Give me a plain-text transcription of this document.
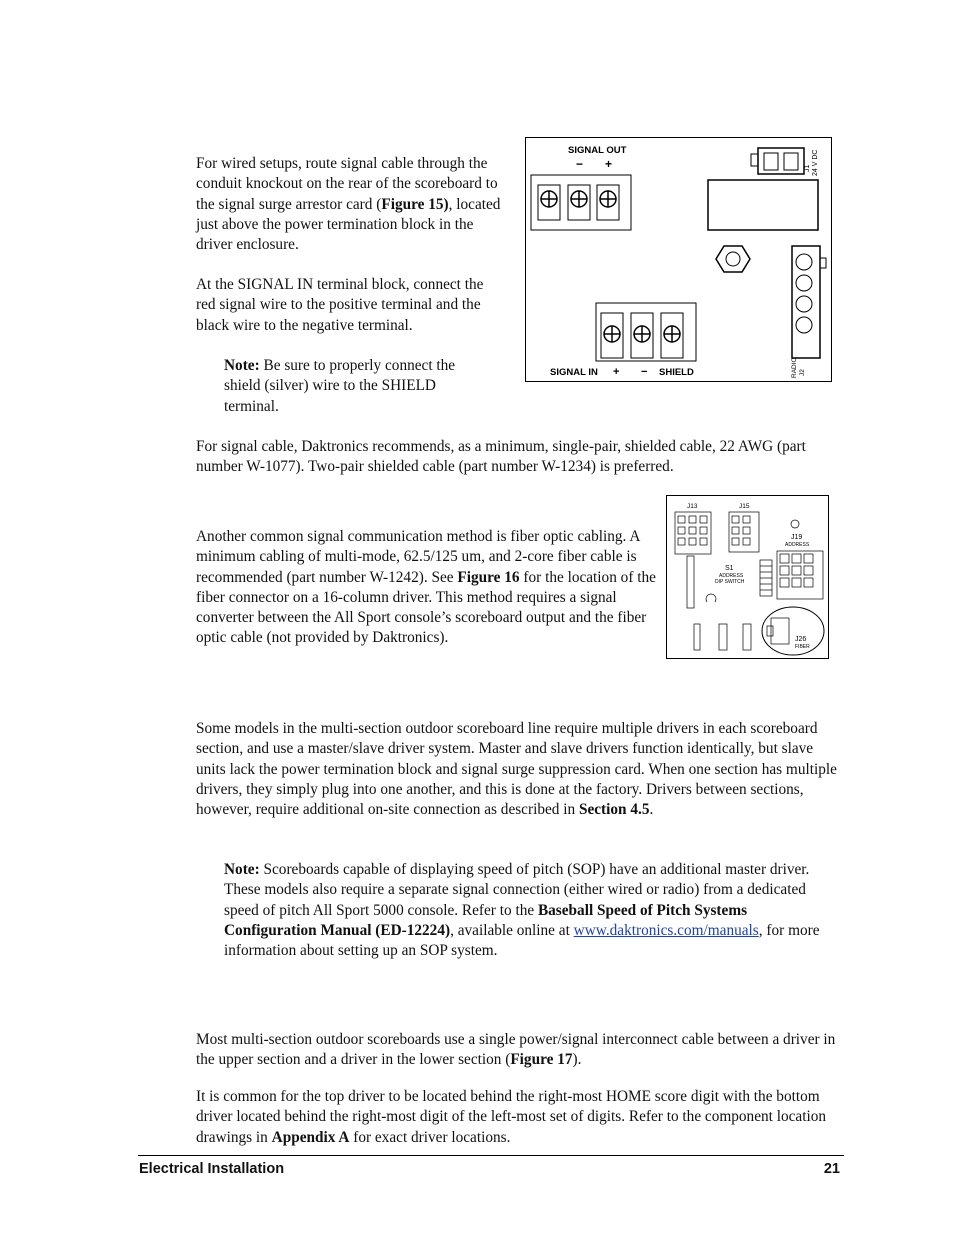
For wired setups, route signal cable through the conduit knockout on the rear of the scoreboard to the signal surge arrestor card (Figure 15), located just above the power termination block in the driver enclosure.

At the SIGNAL IN terminal block, connect the red signal wire to the positive terminal and the black wire to the negative terminal.

Note: Be sure to properly connect the shield (silver) wire to the SHIELD terminal.

SIGNAL OUT
− +	J1 24 V DC
RADIO J2
SIGNAL IN + − SHIELD

For signal cable, Daktronics recommends, as a minimum, single-pair, shielded cable, 22 AWG (part number W-1077). Two-pair shielded cable (part number W-1234) is preferred.

J13	J15
J19
ADDRESS
S1
ADDRESS
DIP SWITCH
J26
FIBER

Another common signal communication method is fiber optic cabling. A minimum cabling of multi-mode, 62.5/125 um, and 2-core fiber cable is recommended (part number W-1242). See Figure 16 for the location of the fiber connector on a 16-column driver. This method requires a signal converter between the All Sport console’s scoreboard output and the fiber optic cable (not provided by Daktronics).

Some models in the multi-section outdoor scoreboard line require multiple drivers in each scoreboard section, and use a master/slave driver system. Master and slave drivers function identically, but slave units lack the power termination block and signal surge suppression card. When one section has multiple drivers, they simply plug into one another, and this is done at the factory. Drivers between sections, however, require additional on-site connection as described in Section 4.5.

Note: Scoreboards capable of displaying speed of pitch (SOP) have an additional master driver. These models also require a separate signal connection (either wired or radio) from a dedicated speed of pitch All Sport 5000 console. Refer to the Baseball Speed of Pitch Systems Configuration Manual (ED-12224), available online at www.daktronics.com/manuals, for more information about setting up an SOP system.

Most multi-section outdoor scoreboards use a single power/signal interconnect cable between a driver in the upper section and a driver in the lower section (Figure 17).

It is common for the top driver to be located behind the right-most HOME score digit with the bottom driver located behind the right-most digit of the left-most set of digits. Refer to the component location drawings in Appendix A for exact driver locations.

Electrical Installation	21
